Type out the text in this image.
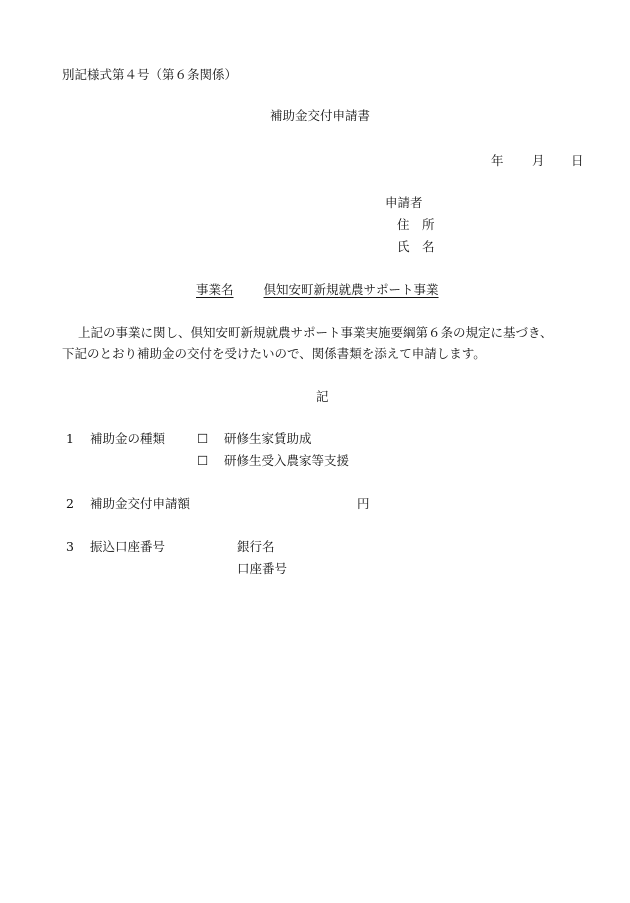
別記様式第４号（第６条関係）
補助金交付申請書
年 月 日
申請者
住　所
氏　名
事業名 倶知安町新規就農サポート事業
上記の事業に関し、倶知安町新規就農サポート事業実施要綱第６条の規定に基づき、
下記のとおり補助金の交付を受けたいので、関係書類を添えて申請します。
記
1 補助金の種類	☐ 研修生家賃助成
☐ 研修生受入農家等支援
2 補助金交付申請額	円
3 振込口座番号	銀行名
口座番号
